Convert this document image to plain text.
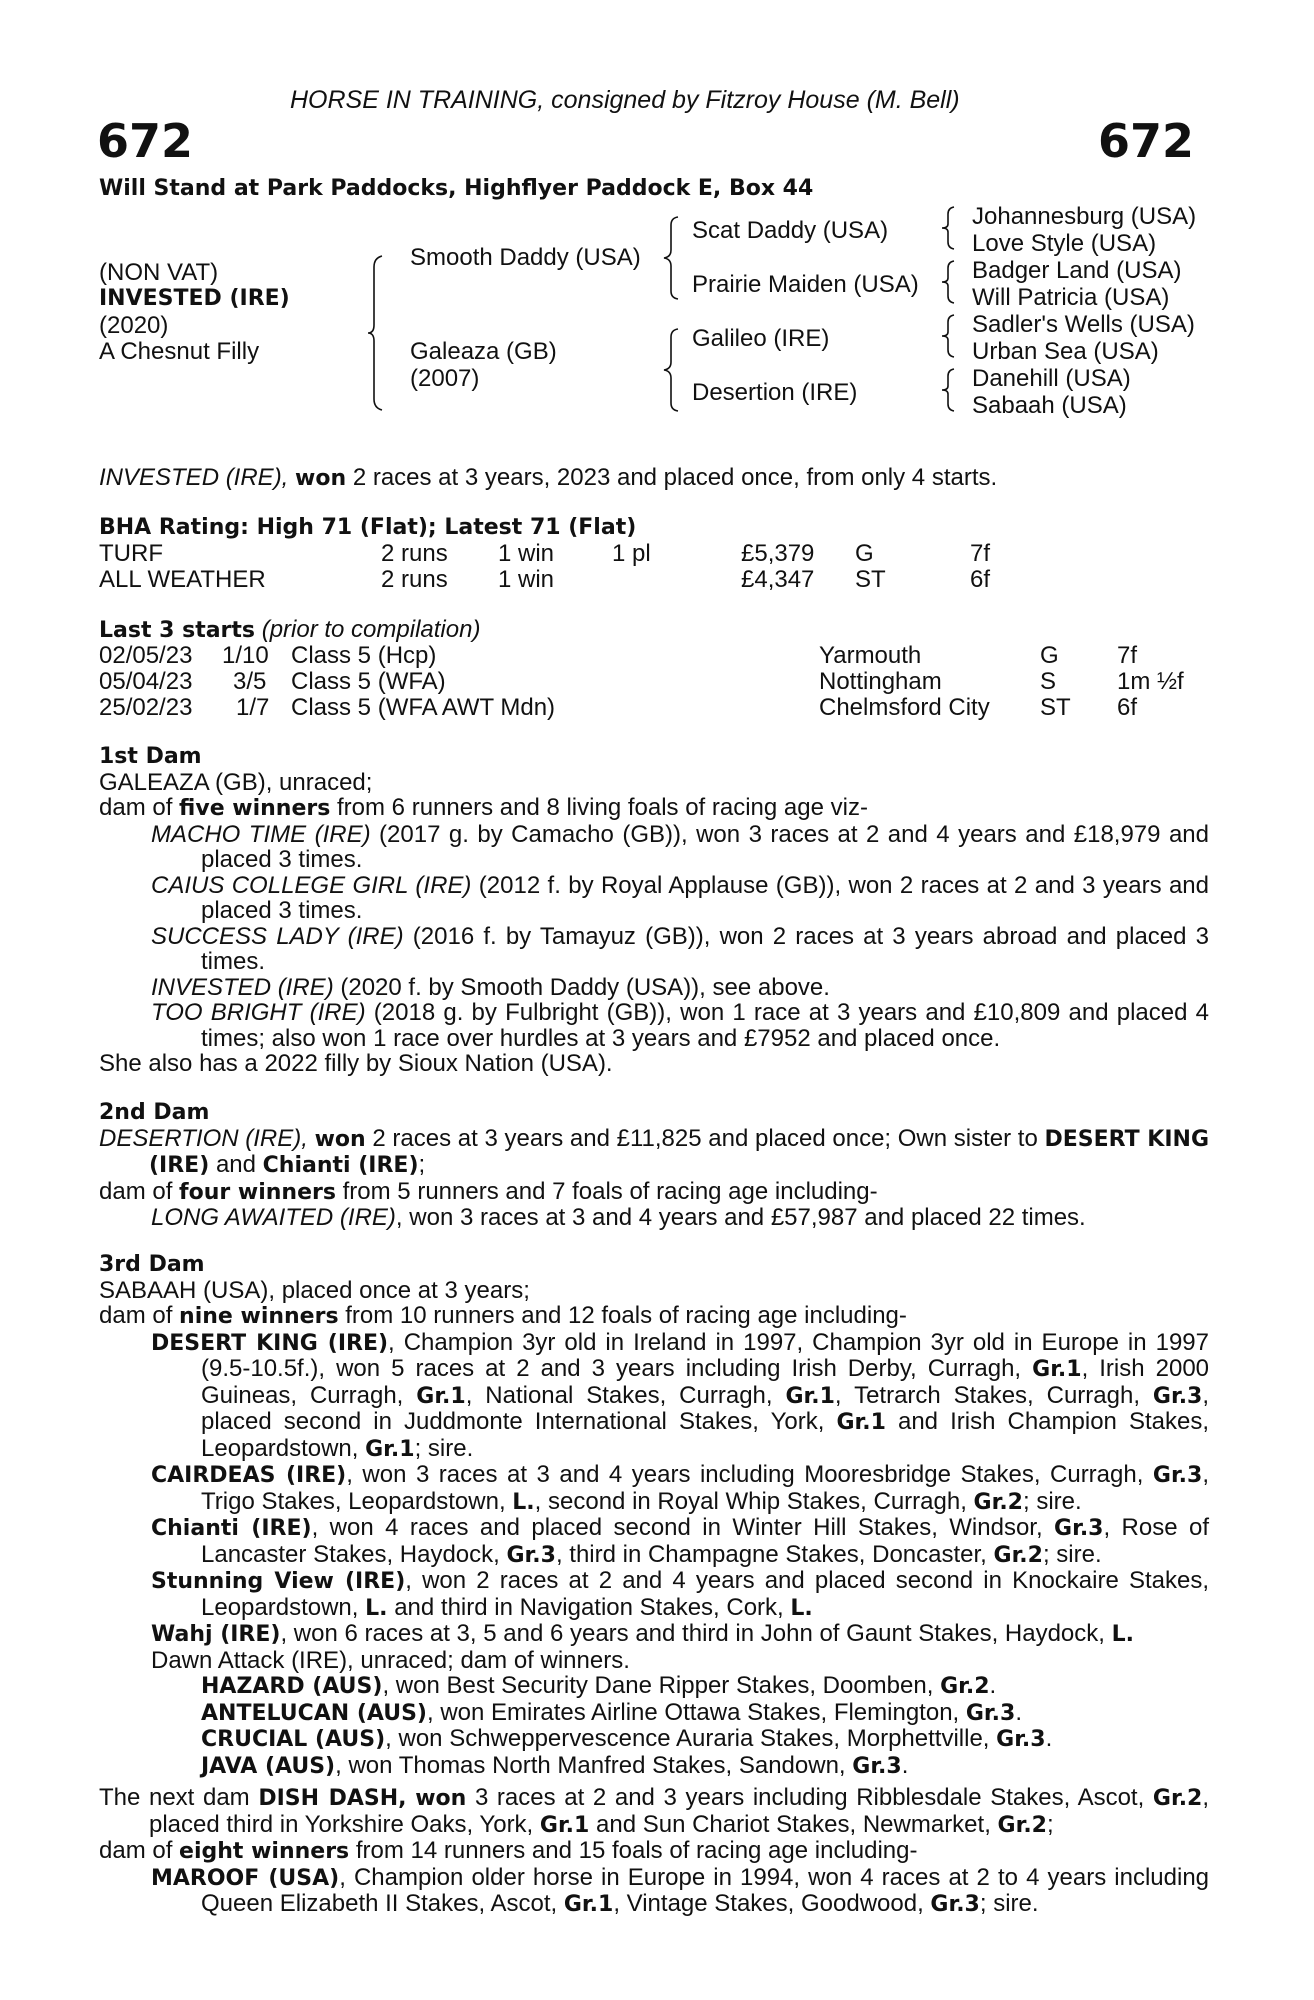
HORSE IN TRAINING, consigned by Fitzroy House (M. Bell)
672	672
Will Stand at Park Paddocks, Highflyer Paddock E, Box 44
(NON VAT)
INVESTED (IRE)
(2020)
A Chesnut Filly
Smooth Daddy (USA)
Galeaza (GB)
(2007)
Scat Daddy (USA)
Prairie Maiden (USA)
Galileo (IRE)
Desertion (IRE)
Johannesburg (USA)
Love Style (USA)
Badger Land (USA)
Will Patricia (USA)
Sadler's Wells (USA)
Urban Sea (USA)
Danehill (USA)
Sabaah (USA)
INVESTED (IRE), won 2 races at 3 years, 2023 and placed once, from only 4 starts.
BHA Rating: High 71 (Flat); Latest 71 (Flat)
TURF	2 runs 1 win 1 pl	£5,379 G	7f
ALL WEATHER	2 runs 1 win	£4,347 ST	6f
Last 3 starts (prior to compilation)
02/05/23 1/10 Class 5 (Hcp)	Yarmouth	G 7f
05/04/23 3/5 Class 5 (WFA)	Nottingham	S	1m ½f
25/02/23 1/7 Class 5 (WFA AWT Mdn)	Chelmsford City ST 6f

1st Dam

GALEAZA (GB), unraced;

dam of five winners from 6 runners and 8 living foals of racing age viz-

MACHO TIME (IRE) (2017 g. by Camacho (GB)), won 3 races at 2 and 4 years and £18,979 and placed 3 times.

CAIUS COLLEGE GIRL (IRE) (2012 f. by Royal Applause (GB)), won 2 races at 2 and 3 years and placed 3 times.

SUCCESS LADY (IRE) (2016 f. by Tamayuz (GB)), won 2 races at 3 years abroad and placed 3 times.

INVESTED (IRE) (2020 f. by Smooth Daddy (USA)), see above.

TOO BRIGHT (IRE) (2018 g. by Fulbright (GB)), won 1 race at 3 years and £10,809 and placed 4 times; also won 1 race over hurdles at 3 years and £7952 and placed once.

She also has a 2022 filly by Sioux Nation (USA).

2nd Dam

DESERTION (IRE), won 2 races at 3 years and £11,825 and placed once; Own sister to DESERT KING (IRE) and Chianti (IRE);

dam of four winners from 5 runners and 7 foals of racing age including-

LONG AWAITED (IRE), won 3 races at 3 and 4 years and £57,987 and placed 22 times.

3rd Dam

SABAAH (USA), placed once at 3 years;

dam of nine winners from 10 runners and 12 foals of racing age including-

DESERT KING (IRE), Champion 3yr old in Ireland in 1997, Champion 3yr old in Europe in 1997 (9.5-10.5f.), won 5 races at 2 and 3 years including Irish Derby, Curragh, Gr.1, Irish 2000 Guineas, Curragh, Gr.1, National Stakes, Curragh, Gr.1, Tetrarch Stakes, Curragh, Gr.3, placed second in Juddmonte International Stakes, York, Gr.1 and Irish Champion Stakes, Leopardstown, Gr.1; sire.

CAIRDEAS (IRE), won 3 races at 3 and 4 years including Mooresbridge Stakes, Curragh, Gr.3, Trigo Stakes, Leopardstown, L., second in Royal Whip Stakes, Curragh, Gr.2; sire.

Chianti (IRE), won 4 races and placed second in Winter Hill Stakes, Windsor, Gr.3, Rose of Lancaster Stakes, Haydock, Gr.3, third in Champagne Stakes, Doncaster, Gr.2; sire.

Stunning View (IRE), won 2 races at 2 and 4 years and placed second in Knockaire Stakes, Leopardstown, L. and third in Navigation Stakes, Cork, L.

Wahj (IRE), won 6 races at 3, 5 and 6 years and third in John of Gaunt Stakes, Haydock, L.

Dawn Attack (IRE), unraced; dam of winners.

HAZARD (AUS), won Best Security Dane Ripper Stakes, Doomben, Gr.2.

ANTELUCAN (AUS), won Emirates Airline Ottawa Stakes, Flemington, Gr.3.

CRUCIAL (AUS), won Schweppervescence Auraria Stakes, Morphettville, Gr.3.

JAVA (AUS), won Thomas North Manfred Stakes, Sandown, Gr.3.

The next dam DISH DASH, won 3 races at 2 and 3 years including Ribblesdale Stakes, Ascot, Gr.2, placed third in Yorkshire Oaks, York, Gr.1 and Sun Chariot Stakes, Newmarket, Gr.2;

dam of eight winners from 14 runners and 15 foals of racing age including-

MAROOF (USA), Champion older horse in Europe in 1994, won 4 races at 2 to 4 years including Queen Elizabeth II Stakes, Ascot, Gr.1, Vintage Stakes, Goodwood, Gr.3; sire.
